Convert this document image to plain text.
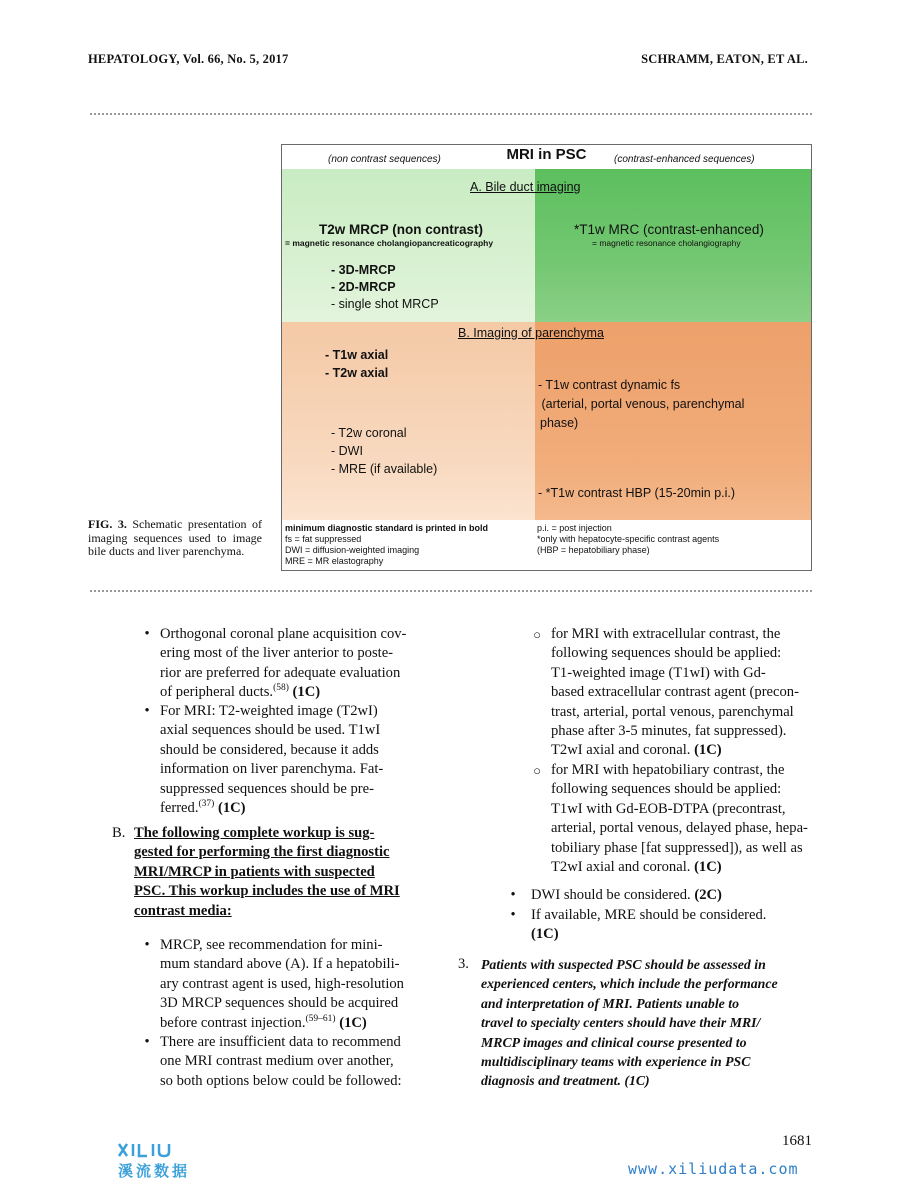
HEPATOLOGY, Vol. 66, No. 5, 2017	SCHRAMM, EATON, ET AL.
MRI in PSC
(non contrast sequences)	(contrast-enhanced sequences)
A. Bile duct imaging
T2w MRCP (non contrast)
= magnetic resonance cholangiopancreaticography
- 3D-MRCP
- 2D-MRCP
- single shot MRCP
*T1w MRC (contrast-enhanced)
= magnetic resonance cholangiography
B. Imaging of parenchyma
- T1w axial
- T2w axial
- T2w coronal
- DWI
- MRE (if available)
- T1w contrast dynamic fs
(arterial, portal venous, parenchymal
phase)
- *T1w contrast HBP (15-20min p.i.)
minimum diagnostic standard is printed in bold
fs = fat suppressed
DWI = diffusion-weighted imaging
MRE = MR elastography
p.i. = post injection
*only with hepatocyte-specific contrast agents
(HBP = hepatobiliary phase)
FIG. 3. Schematic presentation of imaging sequences used to image bile ducts and liver parenchyma.
• Orthogonal coronal plane acquisition cov-
ering most of the liver anterior to poste-
rior are preferred for adequate evaluation
of peripheral ducts.$^{(58)}$ (1C)
• For MRI: T2-weighted image (T2wI)
axial sequences should be used. T1wI
should be considered, because it adds
information on liver parenchyma. Fat-
suppressed sequences should be pre-
ferred.$^{(37)}$ (1C)
B. The following complete workup is sug-
gested for performing the first diagnostic
MRI/MRCP in patients with suspected
PSC. This workup includes the use of MRI
contrast media:
• MRCP, see recommendation for mini-
mum standard above (A). If a hepatobili-
ary contrast agent is used, high-resolution
3D MRCP sequences should be acquired
before contrast injection.$^{(59-61)}$ (1C)
• There are insufficient data to recommend
one MRI contrast medium over another,
so both options below could be followed:
○ for MRI with extracellular contrast, the
following sequences should be applied:
T1-weighted image (T1wI) with Gd-
based extracellular contrast agent (precon-
trast, arterial, portal venous, parenchymal
phase after 3-5 minutes, fat suppressed).
T2wI axial and coronal. (1C)
○ for MRI with hepatobiliary contrast, the
following sequences should be applied:
T1wI with Gd-EOB-DTPA (precontrast,
arterial, portal venous, delayed phase, hepa-
tobiliary phase [fat suppressed]), as well as
T2wI axial and coronal. (1C)
• DWI should be considered. (2C)
• If available, MRE should be considered.
(1C)
3. Patients with suspected PSC should be assessed in
experienced centers, which include the performance
and interpretation of MRI. Patients unable to
travel to specialty centers should have their MRI/
MRCP images and clinical course presented to
multidisciplinary teams with experience in PSC
diagnosis and treatment. (1C)
1681
溪流数据	www.xiliudata.com
